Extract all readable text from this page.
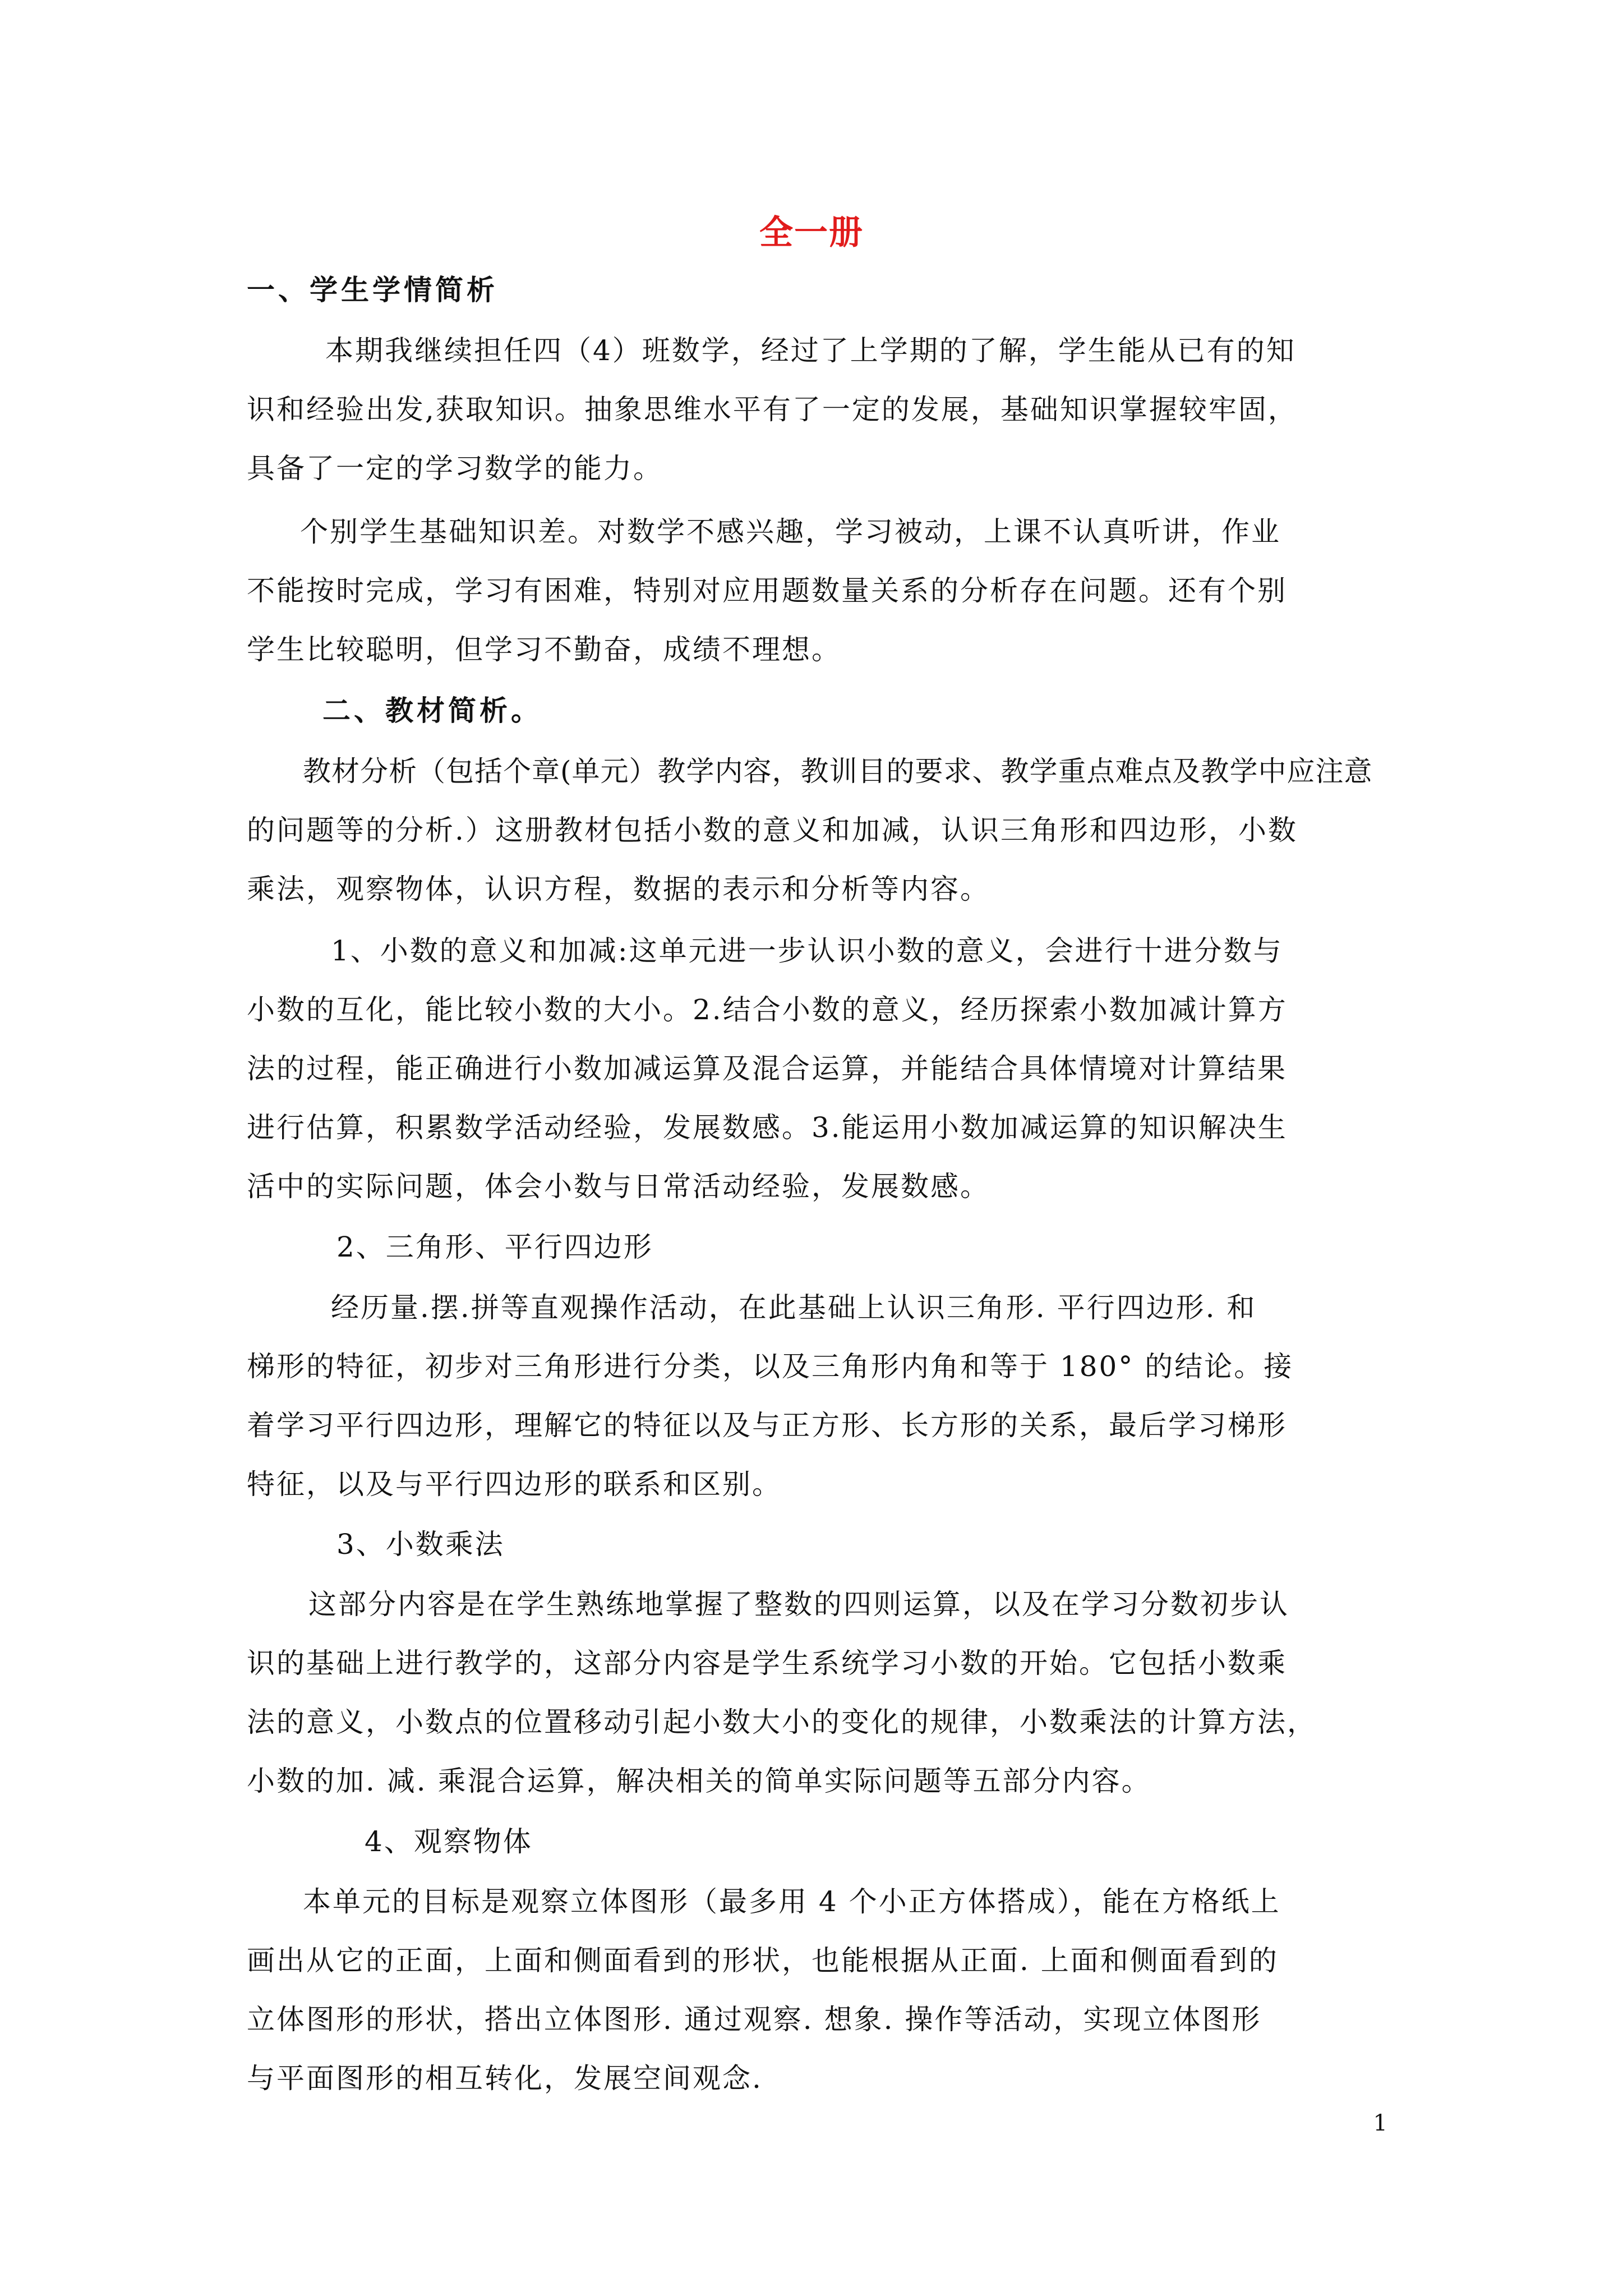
全一册
一、学生学情简析
本期我继续担任四（4）班数学，经过了上学期的了解，学生能从已有的知
识和经验出发,获取知识。抽象思维水平有了一定的发展，基础知识掌握较牢固，
具备了一定的学习数学的能力。
个别学生基础知识差。对数学不感兴趣，学习被动，上课不认真听讲，作业
不能按时完成，学习有困难，特别对应用题数量关系的分析存在问题。还有个别
学生比较聪明，但学习不勤奋，成绩不理想。
二、教材简析。
教材分析（包括个章(单元）教学内容，教训目的要求、教学重点难点及教学中应注意
的问题等的分析.）这册教材包括小数的意义和加减，认识三角形和四边形，小数
乘法，观察物体，认识方程，数据的表示和分析等内容。
1、小数的意义和加减:这单元进一步认识小数的意义，会进行十进分数与
小数的互化，能比较小数的大小。2.结合小数的意义，经历探索小数加减计算方
法的过程，能正确进行小数加减运算及混合运算，并能结合具体情境对计算结果
进行估算，积累数学活动经验，发展数感。3.能运用小数加减运算的知识解决生
活中的实际问题，体会小数与日常活动经验，发展数感。
2、三角形、平行四边形
经历量.摆.拼等直观操作活动，在此基础上认识三角形. 平行四边形. 和
梯形的特征，初步对三角形进行分类，以及三角形内角和等于 180° 的结论。接
着学习平行四边形，理解它的特征以及与正方形、长方形的关系，最后学习梯形
特征，以及与平行四边形的联系和区别。
3、小数乘法
这部分内容是在学生熟练地掌握了整数的四则运算，以及在学习分数初步认
识的基础上进行教学的，这部分内容是学生系统学习小数的开始。它包括小数乘
法的意义，小数点的位置移动引起小数大小的变化的规律，小数乘法的计算方法，
小数的加. 减. 乘混合运算，解决相关的简单实际问题等五部分内容。
4、观察物体
本单元的目标是观察立体图形（最多用 4 个小正方体搭成），能在方格纸上
画出从它的正面，上面和侧面看到的形状，也能根据从正面. 上面和侧面看到的
立体图形的形状，搭出立体图形. 通过观察. 想象. 操作等活动，实现立体图形
与平面图形的相互转化，发展空间观念.
1
